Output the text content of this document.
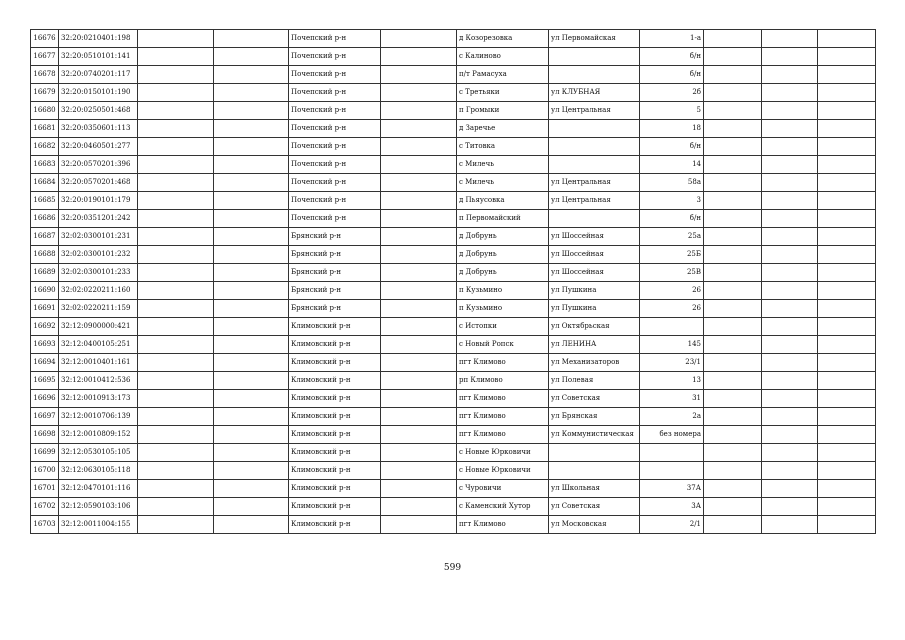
16676	32:20:0210401:198			Почепский р-н		д Козорезовка	ул Первомайская	1-а			
16677	32:20:0510101:141			Почепский р-н		с Калиново		б/н			
16678	32:20:0740201:117			Почепский р-н		п/т Рамасуха		б/н			
16679	32:20:0150101:190			Почепский р-н		с Третьяки	ул КЛУБНАЯ	2б			
16680	32:20:0250501:468			Почепский р-н		п Громыки	ул Центральная	5			
16681	32:20:0350601:113			Почепский р-н		д Заречье		18			
16682	32:20:0460501:277			Почепский р-н		с Титовка		б/н			
16683	32:20:0570201:396			Почепский р-н		с Милечь		14			
16684	32:20:0570201:468			Почепский р-н		с Милечь	ул Центральная	58а			
16685	32:20:0190101:179			Почепский р-н		д Пьяусовка	ул Центральная	3			
16686	32:20:0351201:242			Почепский р-н		п Первомайский		б/н			
16687	32:02:0300101:231			Брянский р-н		д Добрунь	ул Шоссейная	25а			
16688	32:02:0300101:232			Брянский р-н		д Добрунь	ул Шоссейная	25Б			
16689	32:02:0300101:233			Брянский р-н		д Добрунь	ул Шоссейная	25В			
16690	32:02:0220211:160			Брянский р-н		п Кузьмино	ул Пушкина	26			
16691	32:02:0220211:159			Брянский р-н		п Кузьмино	ул Пушкина	26			
16692	32:12:0900000:421			Климовский р-н		с Истопки	ул Октябрьская				
16693	32:12:0400105:251			Климовский р-н		с Новый Ропск	ул ЛЕНИНА	145			
16694	32:12:0010401:161			Климовский р-н		пгт Климово	ул Механизаторов	23/1			
16695	32:12:0010412:536			Климовский р-н		рп Климово	ул Полевая	13			
16696	32:12:0010913:173			Климовский р-н		пгт Климово	ул Советская	31			
16697	32:12:0010706:139			Климовский р-н		пгт Климово	ул Брянская	2а			
16698	32:12:0010809:152			Климовский р-н		пгт Климово	ул Коммунистическая	без номера			
16699	32:12:0530105:105			Климовский р-н		с Новые Юрковичи					
16700	32:12:0630105:118			Климовский р-н		с Новые Юрковичи					
16701	32:12:0470101:116			Климовский р-н		с Чуровичи	ул Школьная	37А			
16702	32:12:0590103:106			Климовский р-н		с Каменский Хутор	ул Советская	3А			
16703	32:12:0011004:155			Климовский р-н		пгт Климово	ул Московская	2/1			
599
